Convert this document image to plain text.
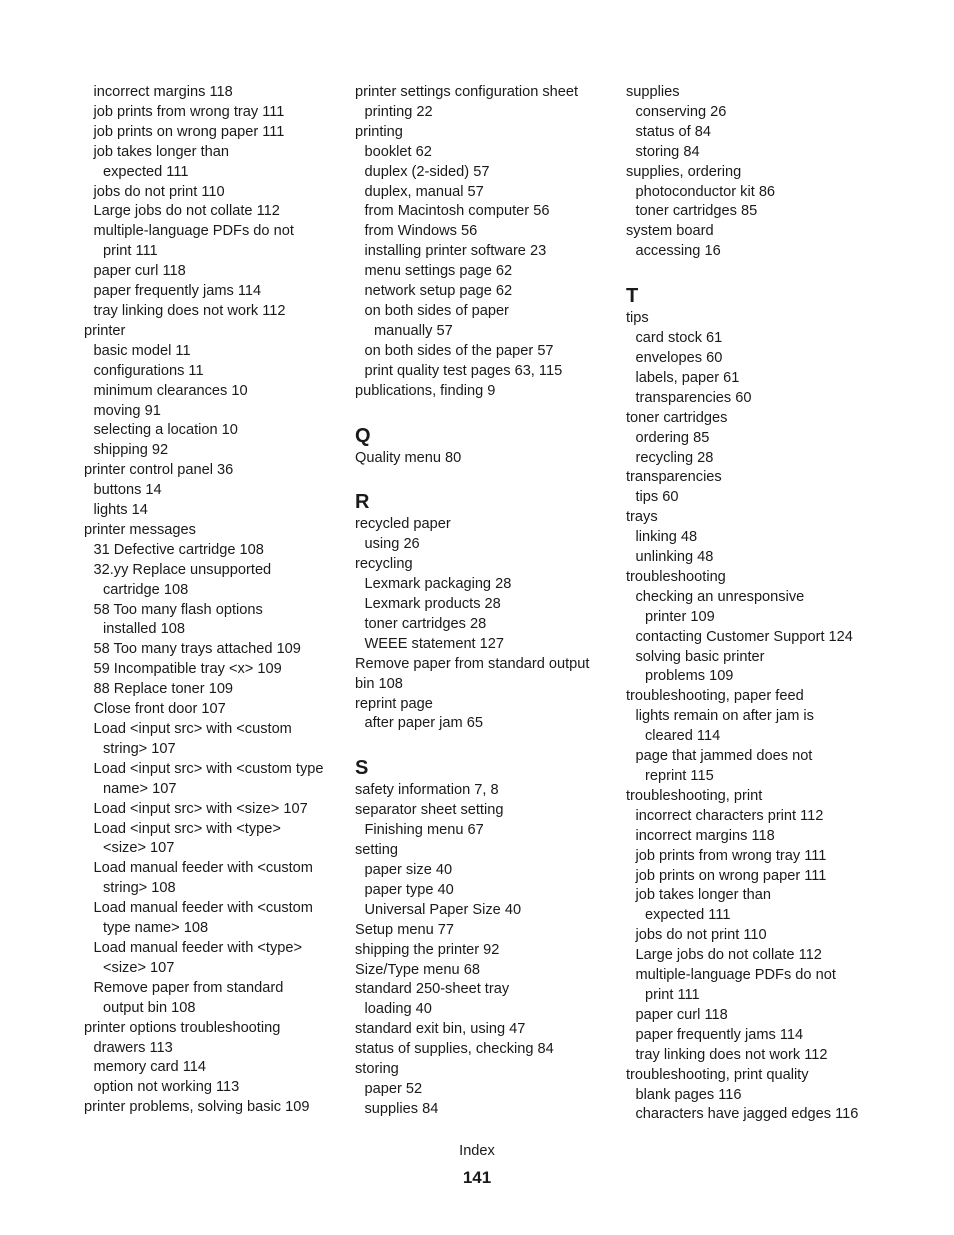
incorrect margins 118
job prints from wrong tray 111
job prints on wrong paper 111
job takes longer than
expected 111
jobs do not print 110
Large jobs do not collate 112
multiple-language PDFs do not
print 111
paper curl 118
paper frequently jams 114
tray linking does not work 112
printer
basic model 11
configurations 11
minimum clearances 10
moving 91
selecting a location 10
shipping 92
printer control panel 36
buttons 14
lights 14
printer messages
31 Defective cartridge 108
32.yy Replace unsupported
cartridge 108
58 Too many flash options
installed 108
58 Too many trays attached 109
59 Incompatible tray <x> 109
88 Replace toner 109
Close front door 107
Load <input src> with <custom
string> 107
Load <input src> with <custom type
name> 107
Load <input src> with <size> 107
Load <input src> with <type>
<size> 107
Load manual feeder with <custom
string> 108
Load manual feeder with <custom
type name> 108
Load manual feeder with <type>
<size> 107
Remove paper from standard
output bin 108
printer options troubleshooting
drawers 113
memory card 114
option not working 113
printer problems, solving basic 109
printer settings configuration sheet
printing 22
printing
booklet 62
duplex (2-sided) 57
duplex, manual 57
from Macintosh computer 56
from Windows 56
installing printer software 23
menu settings page 62
network setup page 62
on both sides of paper
manually 57
on both sides of the paper 57
print quality test pages 63, 115
publications, finding 9
Q
Quality menu 80
R
recycled paper
using 26
recycling
Lexmark packaging 28
Lexmark products 28
toner cartridges 28
WEEE statement 127
Remove paper from standard output
bin 108
reprint page
after paper jam 65
S
safety information 7, 8
separator sheet setting
Finishing menu 67
setting
paper size 40
paper type 40
Universal Paper Size 40
Setup menu 77
shipping the printer 92
Size/Type menu 68
standard 250-sheet tray
loading 40
standard exit bin, using 47
status of supplies, checking 84
storing
paper 52
supplies 84
supplies
conserving 26
status of 84
storing 84
supplies, ordering
photoconductor kit 86
toner cartridges 85
system board
accessing 16
T
tips
card stock 61
envelopes 60
labels, paper 61
transparencies 60
toner cartridges
ordering 85
recycling 28
transparencies
tips 60
trays
linking 48
unlinking 48
troubleshooting
checking an unresponsive
printer 109
contacting Customer Support 124
solving basic printer
problems 109
troubleshooting, paper feed
lights remain on after jam is
cleared 114
page that jammed does not
reprint 115
troubleshooting, print
incorrect characters print 112
incorrect margins 118
job prints from wrong tray 111
job prints on wrong paper 111
job takes longer than
expected 111
jobs do not print 110
Large jobs do not collate 112
multiple-language PDFs do not
print 111
paper curl 118
paper frequently jams 114
tray linking does not work 112
troubleshooting, print quality
blank pages 116
characters have jagged edges 116
Index
141
